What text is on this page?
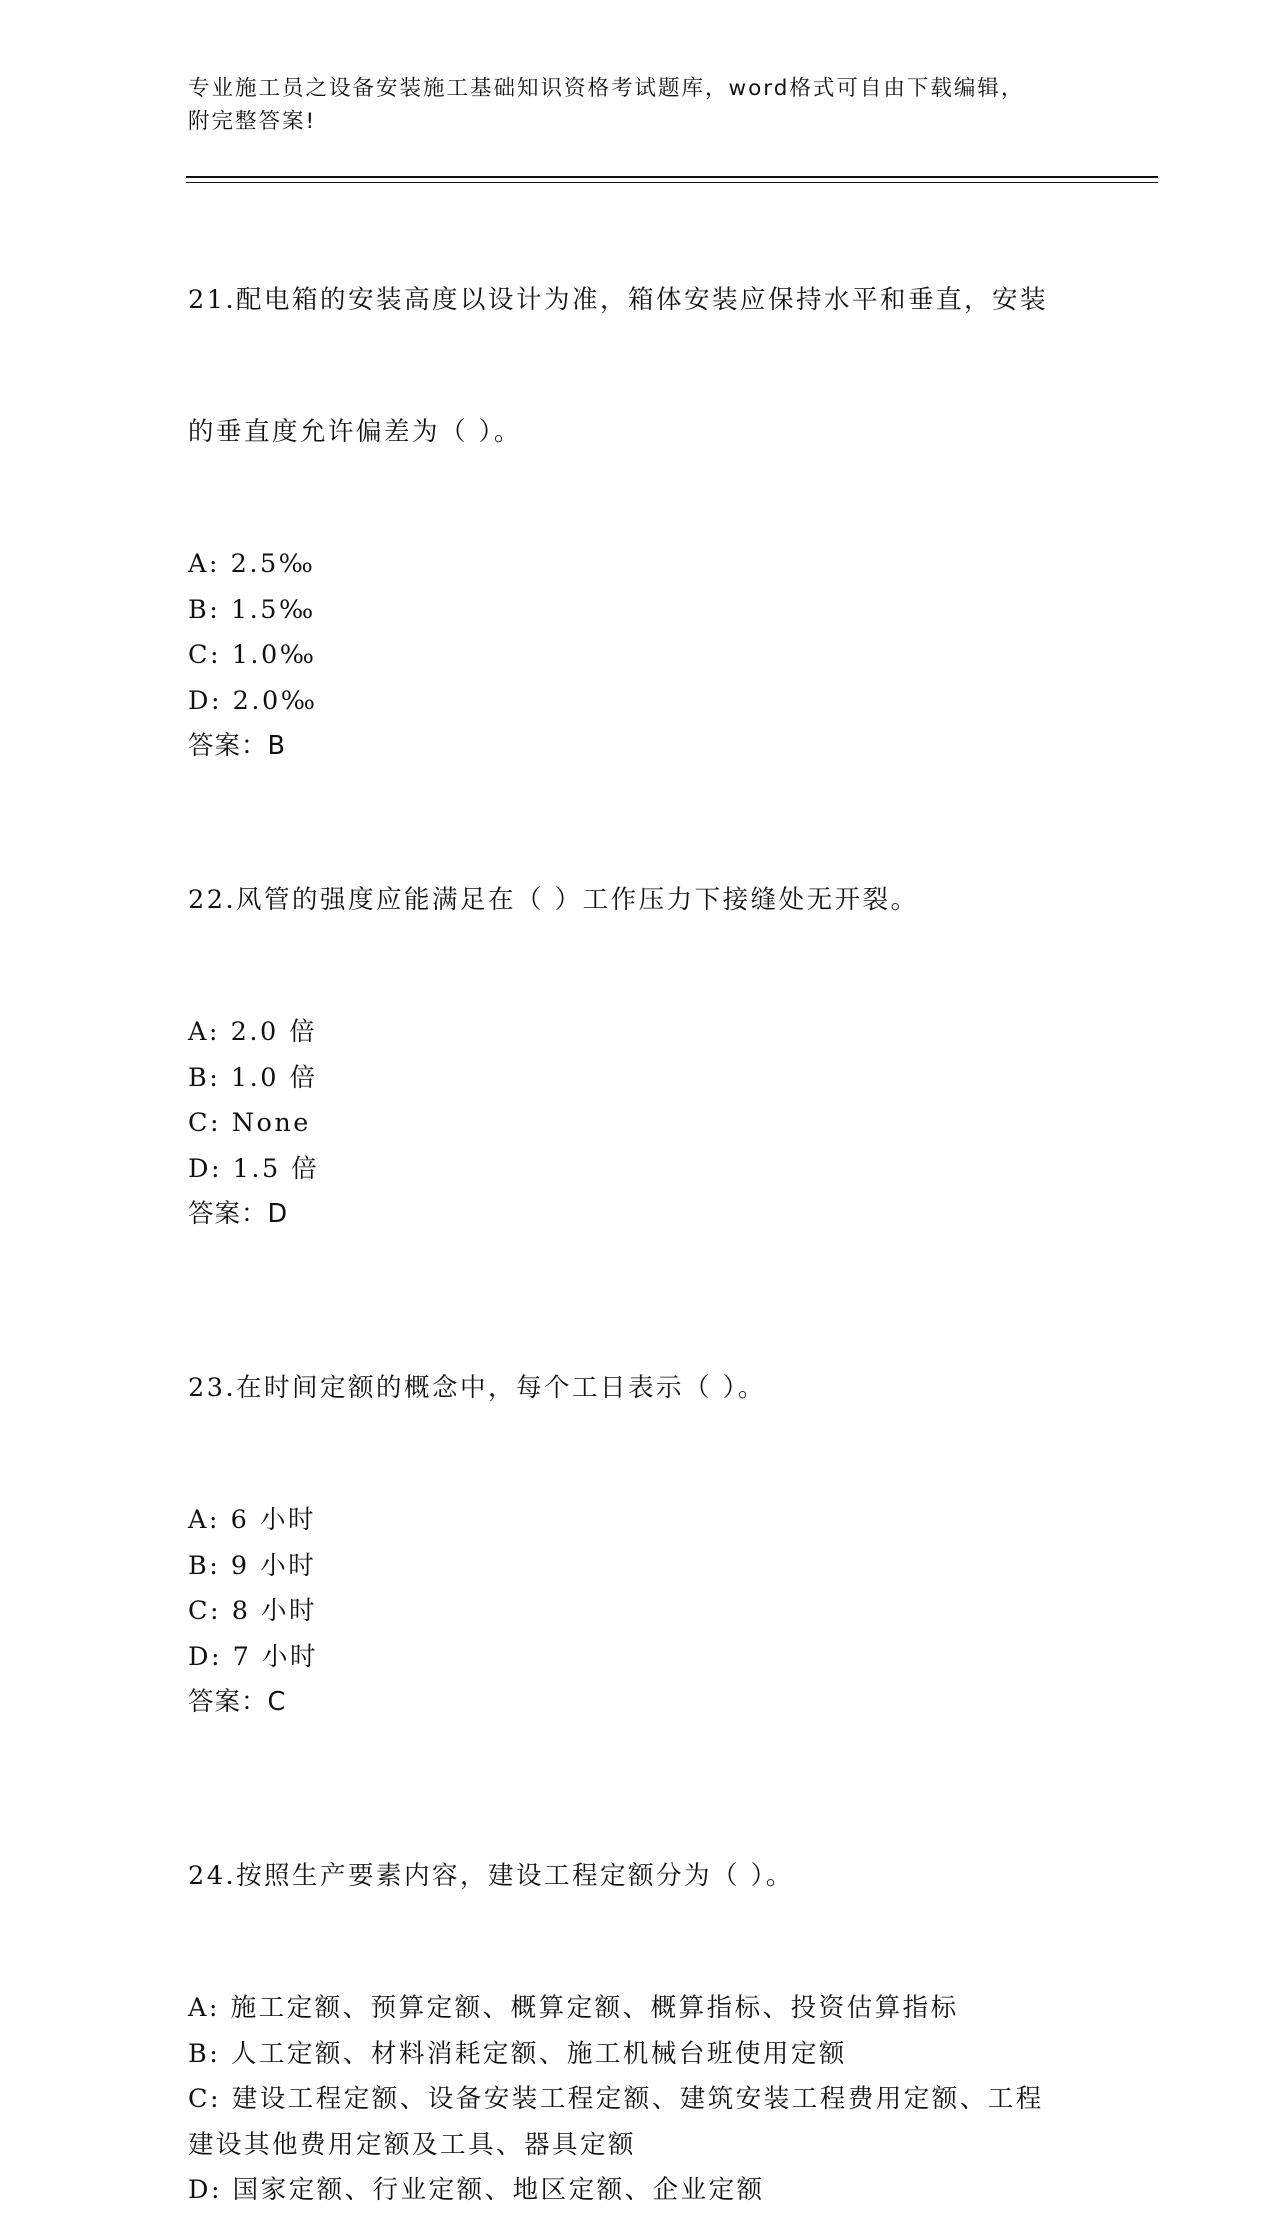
专业施工员之设备安装施工基础知识资格考试题库，word格式可自由下载编辑，
附完整答案!

21.配电箱的安装高度以设计为准，箱体安装应保持水平和垂直，安装

的垂直度允许偏差为（ ）。

A: 2.5‰
B: 1.5‰
C: 1.0‰
D: 2.0‰
答案：B

22.风管的强度应能满足在（ ）工作压力下接缝处无开裂。

A: 2.0 倍
B: 1.0 倍
C: None
D: 1.5 倍
答案：D

23.在时间定额的概念中，每个工日表示（ ）。

A: 6 小时
B: 9 小时
C: 8 小时
D: 7 小时
答案：C

24.按照生产要素内容，建设工程定额分为（ ）。

A: 施工定额、预算定额、概算定额、概算指标、投资估算指标
B: 人工定额、材料消耗定额、施工机械台班使用定额
C: 建设工程定额、设备安装工程定额、建筑安装工程费用定额、工程
建设其他费用定额及工具、器具定额
D: 国家定额、行业定额、地区定额、企业定额
